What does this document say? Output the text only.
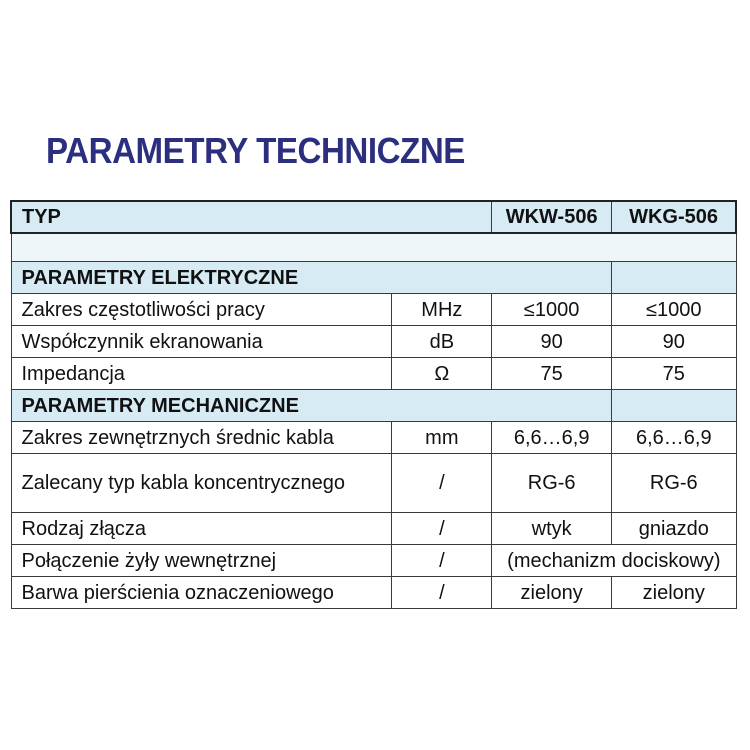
PARAMETRY TECHNICZNE
TYP		WKW-506	WKG-506

PARAMETRY ELEKTRYCZNE			
Zakres częstotliwości pracy	MHz	≤1000	≤1000
Współczynnik ekranowania	dB	90	90
Impedancja	Ω	75	75
PARAMETRY MECHANICZNE			
Zakres zewnętrznych średnic kabla	mm	6,6…6,9	6,6…6,9
Zalecany typ kabla koncentrycznego	/	RG-6	RG-6
Rodzaj złącza	/	wtyk	gniazdo
Połączenie żyły wewnętrznej	/	(mechanizm dociskowy)	
Barwa pierścienia oznaczeniowego	/	zielony	zielony
